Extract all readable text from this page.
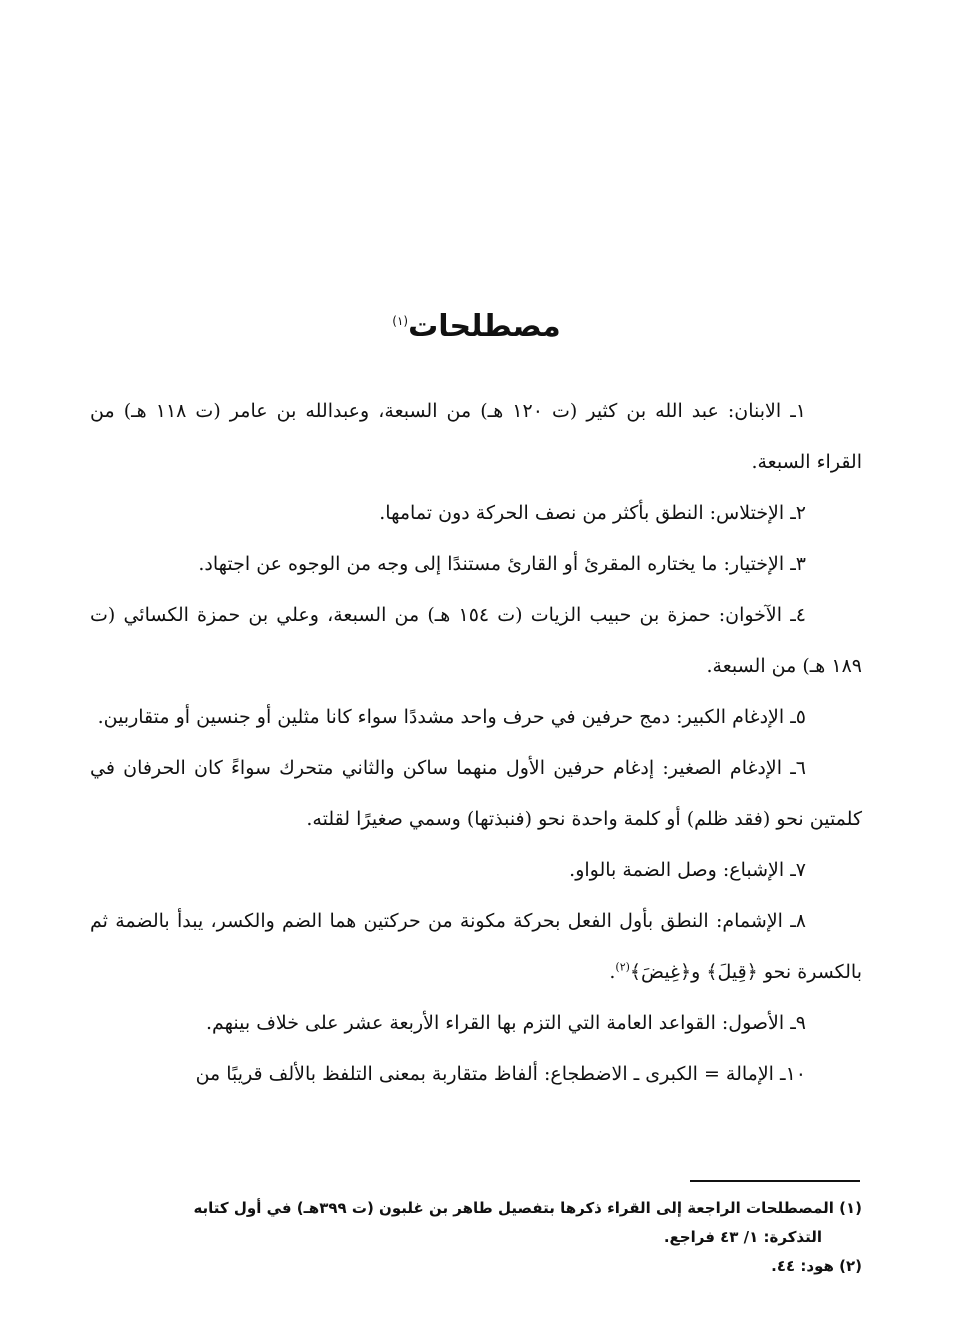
مصطلحات$^{(١)}$

١ـ الابنان: عبد الله بن كثير (ت ١٢٠ هـ) من السبعة، وعبدالله بن عامر (ت ١١٨ هـ) من القراء السبعة.

٢ـ الإختلاس: النطق بأكثر من نصف الحركة دون تمامها.

٣ـ الإختيار: ما يختاره المقرئ أو القارئ مستندًا إلى وجه من الوجوه عن اجتهاد.

٤ـ الآخوان: حمزة بن حبيب الزيات (ت ١٥٤ هـ) من السبعة، وعلي بن حمزة الكسائي (ت ١٨٩ هـ) من السبعة.

٥ـ الإدغام الكبير: دمج حرفين في حرف واحد مشددًا سواء كانا مثلين أو جنسين أو متقاربين.

٦ـ الإدغام الصغير: إدغام حرفين الأول منهما ساكن والثاني متحرك سواءً كان الحرفان في كلمتين نحو (فقد ظلم) أو كلمة واحدة نحو (فنبذتها) وسمي صغيرًا لقلته.

٧ـ الإشباع: وصل الضمة بالواو.

٨ـ الإشمام: النطق بأول الفعل بحركة مكونة من حركتين هما الضم والكسر، يبدأ بالضمة ثم بالكسرة نحو ﴿قِيلَ﴾ و﴿غِيضَ﴾$^{(٢)}$.

٩ـ الأصول: القواعد العامة التي التزم بها القراء الأربعة عشر على خلاف بينهم.

١٠ـ الإمالة = الكبرى ـ الاضطجاع: ألفاظ متقاربة بمعنى التلفظ بالألف قريبًا من

(١) المصطلحات الراجعة إلى القراء ذكرها بتفصيل طاهر بن غلبون (ت ٣٩٩هـ) في أول كتابه
التذكرة: ١/ ٤٣ فراجع.

(٢) هود: ٤٤.
